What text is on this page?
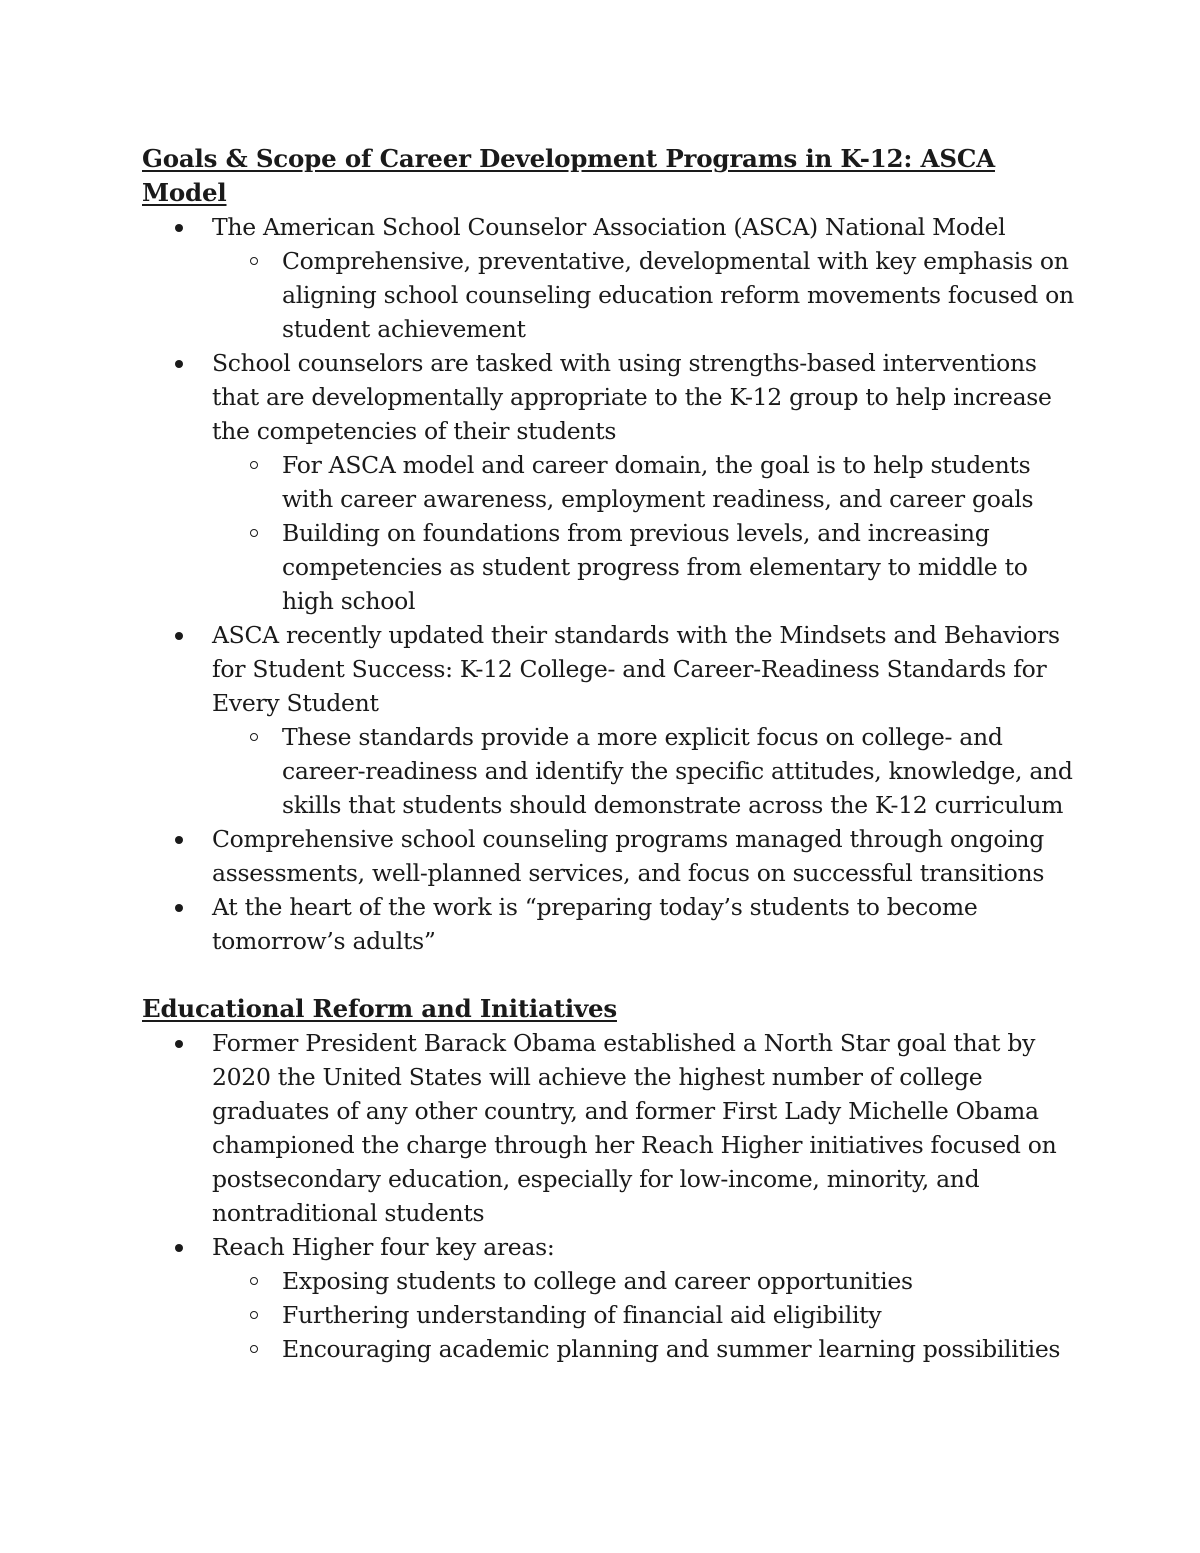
Goals & Scope of Career Development Programs in K-12: ASCA Model
The American School Counselor Association (ASCA) National Model
Comprehensive, preventative, developmental with key emphasis on aligning school counseling education reform movements focused on student achievement
School counselors are tasked with using strengths-based interventions that are developmentally appropriate to the K-12 group to help increase the competencies of their students
For ASCA model and career domain, the goal is to help students with career awareness, employment readiness, and career goals
Building on foundations from previous levels, and increasing competencies as student progress from elementary to middle to high school
ASCA recently updated their standards with the Mindsets and Behaviors for Student Success: K-12 College- and Career-Readiness Standards for Every Student
These standards provide a more explicit focus on college- and career-readiness and identify the specific attitudes, knowledge, and skills that students should demonstrate across the K-12 curriculum
Comprehensive school counseling programs managed through ongoing assessments, well-planned services, and focus on successful transitions
At the heart of the work is “preparing today’s students to become tomorrow’s adults”
Educational Reform and Initiatives
Former President Barack Obama established a North Star goal that by 2020 the United States will achieve the highest number of college graduates of any other country, and former First Lady Michelle Obama championed the charge through her Reach Higher initiatives focused on postsecondary education, especially for low-income, minority, and nontraditional students
Reach Higher four key areas:
Exposing students to college and career opportunities
Furthering understanding of financial aid eligibility
Encouraging academic planning and summer learning possibilities
